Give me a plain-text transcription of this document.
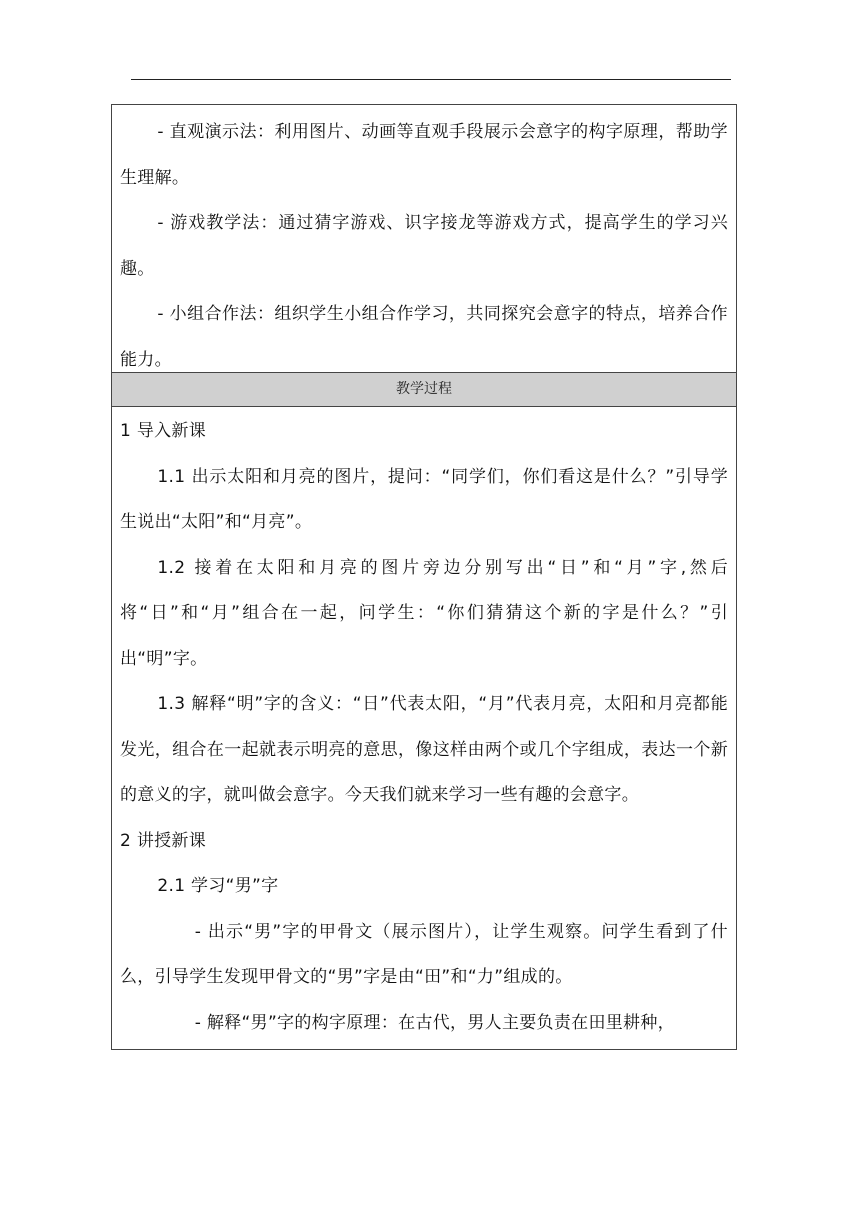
- 直观演示法：利用图片、动画等直观手段展示会意字的构字原理，帮助学生理解。

- 游戏教学法：通过猜字游戏、识字接龙等游戏方式，提高学生的学习兴趣。

- 小组合作法：组织学生小组合作学习，共同探究会意字的特点，培养合作能力。

教学过程

1 导入新课

1.1 出示太阳和月亮的图片，提问：“同学们，你们看这是什么？”引导学生说出“太阳”和“月亮”。

1.2 接着在太阳和月亮的图片旁边分别写出“日”和“月”字,然后将“日”和“月”组合在一起，问学生：“你们猜猜这个新的字是什么？”引出“明”字。

1.3 解释“明”字的含义：“日”代表太阳，“月”代表月亮，太阳和月亮都能发光，组合在一起就表示明亮的意思，像这样由两个或几个字组成，表达一个新的意义的字，就叫做会意字。今天我们就来学习一些有趣的会意字。

2 讲授新课

2.1 学习“男”字

- 出示“男”字的甲骨文（展示图片），让学生观察。问学生看到了什么，引导学生发现甲骨文的“男”字是由“田”和“力”组成的。

- 解释“男”字的构字原理：在古代，男人主要负责在田里耕种，
